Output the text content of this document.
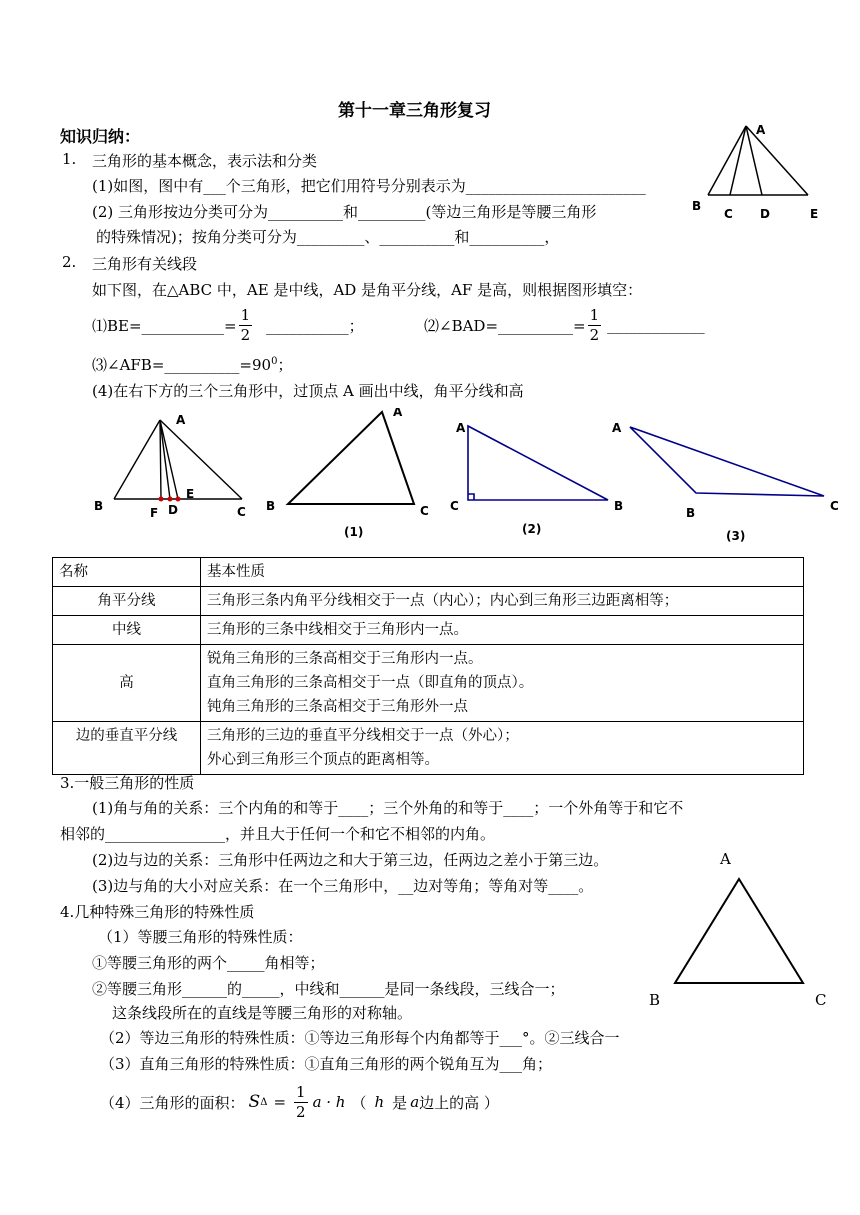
第十一章三角形复习
知识归纳：
1. 三角形的基本概念，表示法和分类
(1)如图，图中有___个三角形，把它们用符号分别表示为________________________
(2) 三角形按边分类可分为__________和_________(等边三角形是等腰三角形
的特殊情况)；按角分类可分为_________、__________和__________，
A
B
C D	E
2. 三角形有关线段
如下图，在△ABC 中，AE 是中线，AD 是角平分线，AF 是高，则根据图形填空：
⑴BE=___________= $\frac{1}{2}$ ___________；	⑵∠BAD=__________= $\frac{1}{2}$ _____________
$⑶\angle AFB=\_\_\_\_\_\_\_\_\_\_=90^0$；
(4)在右下方的三个三角形中，过顶点 A 画出中线，角平分线和高
A
B	C
D
E
F
A
B	C
(1)
A
C	B
(2)
A
B	C
(3)
名称	基本性质
角平分线	三角形三条内角平分线相交于一点（内心）；内心到三角形三边距离相等；
中线	三角形的三条中线相交于三角形内一点。
高	锐角三角形的三条高相交于三角形内一点。
直角三角形的三条高相交于一点（即直角的顶点）。
钝角三角形的三条高相交于三角形外一点

边的垂直平分线	三角形的三边的垂直平分线相交于一点（外心）；
外心到三角形三个顶点的距离相等。
3.一般三角形的性质
(1)角与角的关系：三个内角的和等于____；三个外角的和等于____；一个外角等于和它不
相邻的________________，并且大于任何一个和它不相邻的内角。
(2)边与边的关系：三角形中任两边之和大于第三边，任两边之差小于第三边。
(3)边与角的大小对应关系：在一个三角形中，__边对等角；等角对等____。
A
B	C
4.几种特殊三角形的特殊性质
（1）等腰三角形的特殊性质：
①等腰三角形的两个_____角相等；
②等腰三角形______的_____，中线和______是同一条线段，三线合一；
这条线段所在的直线是等腰三角形的对称轴。
（2）等边三角形的特殊性质：①等边三角形每个内角都等于___°。②三线合一
（3）直角三角形的特殊性质：①直角三角形的两个锐角互为___角；
（4）三角形的面积： S $\Delta = \frac{1}{2}$ a · h （ h 是 a 边上的高 ）
